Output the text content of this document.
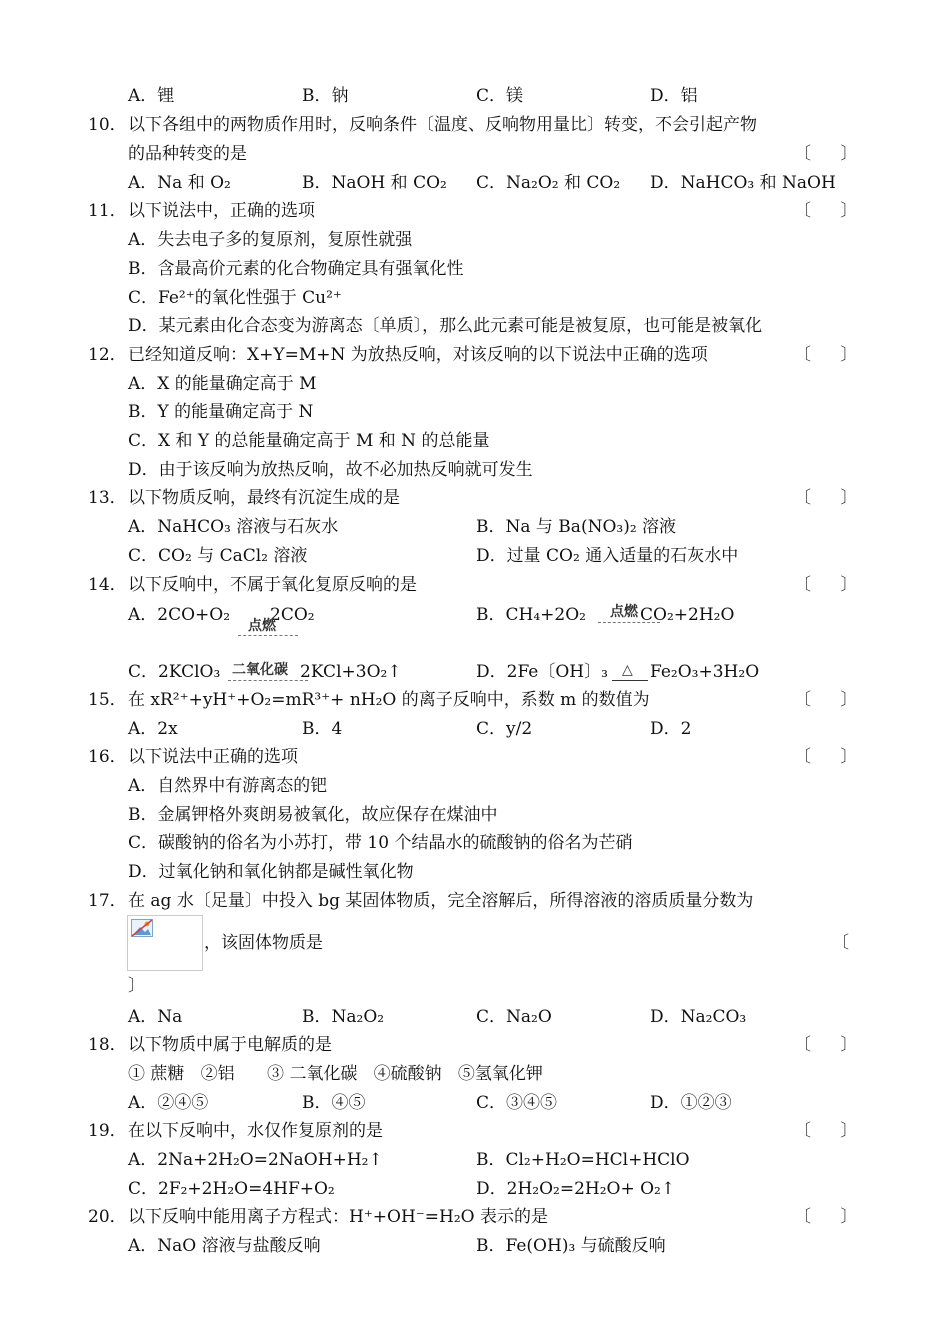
A．锂	B．钠	C．镁	D．铝
10． 以下各组中的两物质作用时，反响条件〔温度、反响物用量比〕转变，不会引起产物
的品种转变的是	〔 〕
A．Na 和 O₂	B．NaOH 和 CO₂ C．Na₂O₂ 和 CO₂ D．NaHCO₃ 和 NaOH
11． 以下说法中，正确的选项	〔 〕
A．失去电子多的复原剂，复原性就强
B．含最高价元素的化合物确定具有强氧化性
C．Fe²⁺的氧化性强于 Cu²⁺
D．某元素由化合态变为游离态〔单质〕，那么此元素可能是被复原，也可能是被氧化
12． 已经知道反响：X+Y=M+N 为放热反响，对该反响的以下说法中正确的选项	〔 〕
A．X 的能量确定高于 M
B．Y 的能量确定高于 N
C．X 和 Y 的总能量确定高于 M 和 N 的总能量
D．由于该反响为放热反响，故不必加热反响就可发生
13． 以下物质反响，最终有沉淀生成的是	〔 〕
A．NaHCO₃ 溶液与石灰水	B．Na 与 Ba(NO₃)₂ 溶液
C．CO₂ 与 CaCl₂ 溶液	D．过量 CO₂ 通入适量的石灰水中
14． 以下反响中，不属于氧化复原反响的是	〔 〕
A．2CO+O₂ 2CO₂	B．CH₄+2O₂	CO₂+2H₂O
点燃
点燃
C．2KClO₃	2KCl+3O₂↑	D．2Fe〔OH〕₃ Fe₂O₃+3H₂O
二氧化碳	△
15． 在 xR²⁺+yH⁺+O₂=mR³⁺+ nH₂O 的离子反响中，系数 m 的数值为	〔 〕
A．2x	B．4	C．y/2	D．2
16． 以下说法中正确的选项	〔 〕
A．自然界中有游离态的钯
B．金属钾格外爽朗易被氧化，故应保存在煤油中
C．碳酸钠的俗名为小苏打，带 10 个结晶水的硫酸钠的俗名为芒硝
D．过氧化钠和氧化钠都是碱性氧化物
17． 在 ag 水〔足量〕中投入 bg 某固体物质，完全溶解后，所得溶液的溶质质量分数为
，该固体物质是	〔
〕
A．Na	B．Na₂O₂	C．Na₂O	D．Na₂CO₃
18． 以下物质中属于电解质的是	〔 〕
① 蔗糖   ②铝      ③ 二氧化碳   ④硫酸钠   ⑤氢氧化钾
A．②④⑤	B．④⑤	C．③④⑤	D．①②③
19． 在以下反响中，水仅作复原剂的是	〔 〕
A．2Na+2H₂O=2NaOH+H₂↑	B．Cl₂+H₂O=HCl+HClO
C．2F₂+2H₂O=4HF+O₂	D．2H₂O₂=2H₂O+ O₂↑
20． 以下反响中能用离子方程式：H⁺+OH⁻=H₂O 表示的是	〔 〕
A．NaO 溶液与盐酸反响	B．Fe(OH)₃ 与硫酸反响
